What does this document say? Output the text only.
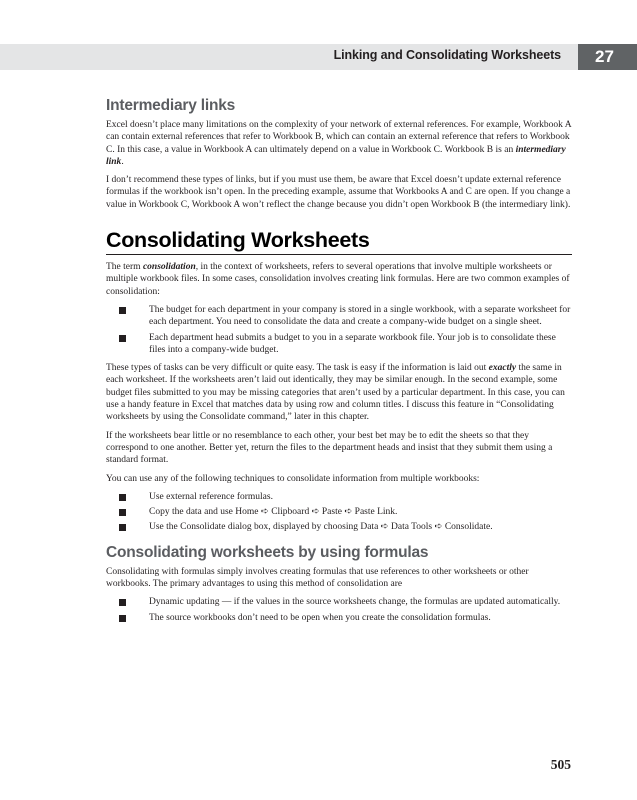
Linking and Consolidating Worksheets 27
Intermediary links

Excel doesn’t place many limitations on the complexity of your network of external references. For example, Workbook A can contain external references that refer to Workbook B, which can contain an external reference that refers to Workbook C. In this case, a value in Workbook A can ultimately depend on a value in Workbook C. Workbook B is an intermediary link.

I don’t recommend these types of links, but if you must use them, be aware that Excel doesn’t update external reference formulas if the workbook isn’t open. In the preceding example, assume that Workbooks A and C are open. If you change a value in Workbook C, Workbook A won’t reflect the change because you didn’t open Workbook B (the intermediary link).

Consolidating Worksheets

The term consolidation, in the context of worksheets, refers to several operations that involve multiple worksheets or multiple workbook files. In some cases, consolidation involves creating link formulas. Here are two common examples of consolidation:

The budget for each department in your company is stored in a single workbook, with a separate worksheet for each department. You need to consolidate the data and create a company-wide budget on a single sheet.
Each department head submits a budget to you in a separate workbook file. Your job is to consolidate these files into a company-wide budget.

These types of tasks can be very difficult or quite easy. The task is easy if the information is laid out exactly the same in each worksheet. If the worksheets aren’t laid out identically, they may be similar enough. In the second example, some budget files submitted to you may be missing categories that aren’t used by a particular department. In this case, you can use a handy feature in Excel that matches data by using row and column titles. I discuss this feature in “Consolidating worksheets by using the Consolidate command,” later in this chapter.

If the worksheets bear little or no resemblance to each other, your best bet may be to edit the sheets so that they correspond to one another. Better yet, return the files to the department heads and insist that they submit them using a standard format.

You can use any of the following techniques to consolidate information from multiple workbooks:

Use external reference formulas.
Copy the data and use Home ➪ Clipboard ➪ Paste ➪ Paste Link.
Use the Consolidate dialog box, displayed by choosing Data ➪ Data Tools ➪ Consolidate.
Consolidating worksheets by using formulas

Consolidating with formulas simply involves creating formulas that use references to other worksheets or other workbooks. The primary advantages to using this method of consolidation are

Dynamic updating — if the values in the source worksheets change, the formulas are updated automatically.
The source workbooks don’t need to be open when you create the consolidation formulas.
505
